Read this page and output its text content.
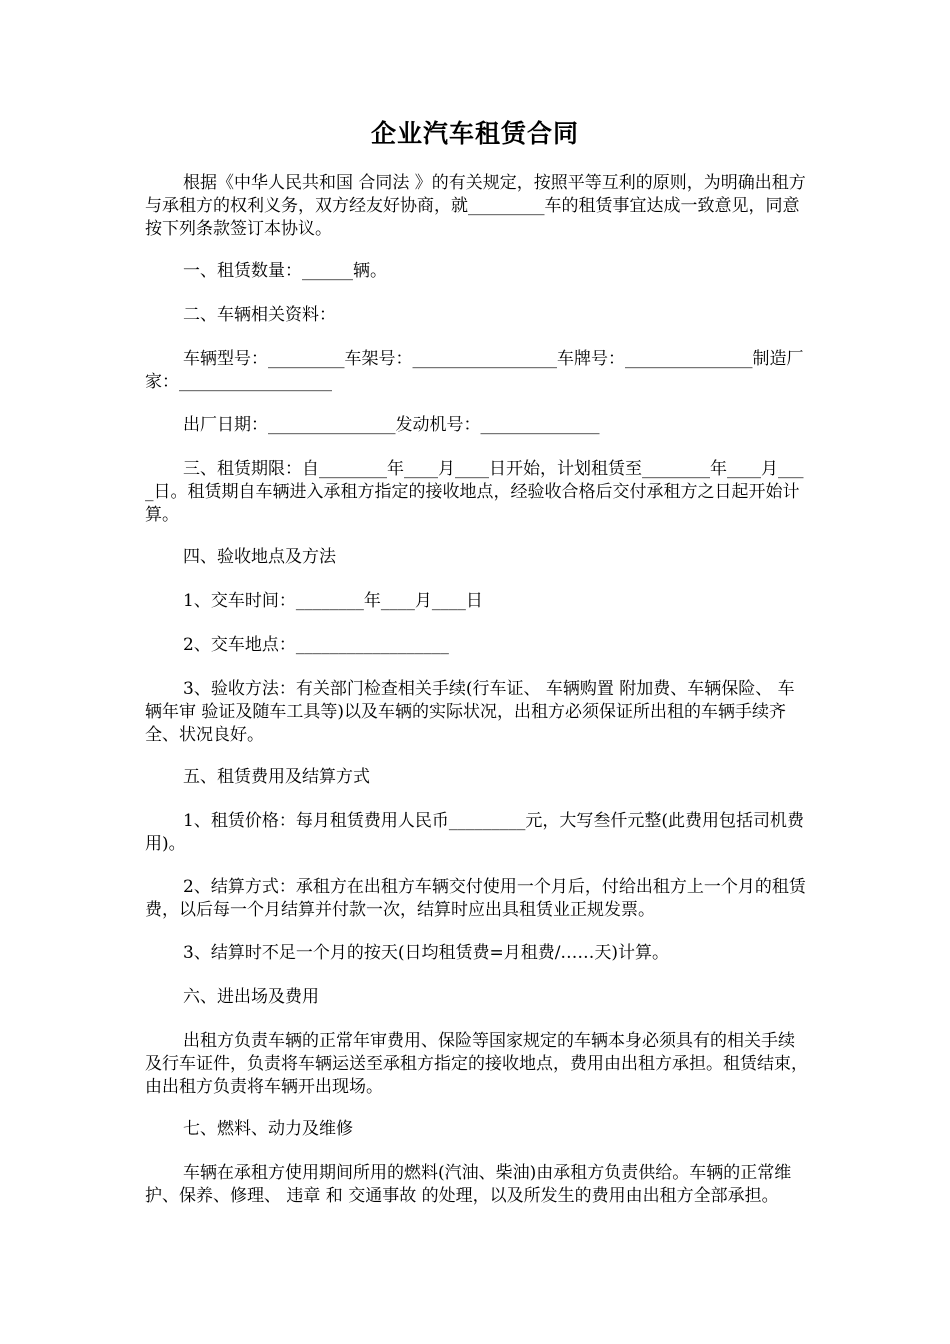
企业汽车租赁合同

根据《中华人民共和国 合同法 》的有关规定，按照平等互利的原则，为明确出租方与承租方的权利义务，双方经友好协商，就_________车的租赁事宜达成一致意见，同意按下列条款签订本协议。

一、租赁数量：______辆。

二、车辆相关资料：

车辆型号：_________车架号：_________________车牌号：_______________制造厂家：__________________

出厂日期：_______________发动机号：______________

三、租赁期限：自________年____月____日开始，计划租赁至________年____月____日。租赁期自车辆进入承租方指定的接收地点，经验收合格后交付承租方之日起开始计算。

四、验收地点及方法

1、交车时间：________年____月____日

2、交车地点：__________________

3、验收方法：有关部门检查相关手续(行车证、 车辆购置 附加费、车辆保险、 车辆年审 验证及随车工具等)以及车辆的实际状况，出租方必须保证所出租的车辆手续齐全、状况良好。

五、租赁费用及结算方式

1、租赁价格：每月租赁费用人民币_________元，大写叁仟元整(此费用包括司机费用)。

2、结算方式：承租方在出租方车辆交付使用一个月后，付给出租方上一个月的租赁费，以后每一个月结算并付款一次，结算时应出具租赁业正规发票。

3、结算时不足一个月的按天(日均租赁费=月租费/……天)计算。

六、进出场及费用

出租方负责车辆的正常年审费用、保险等国家规定的车辆本身必须具有的相关手续及行车证件，负责将车辆运送至承租方指定的接收地点，费用由出租方承担。租赁结束，由出租方负责将车辆开出现场。

七、燃料、动力及维修

车辆在承租方使用期间所用的燃料(汽油、柴油)由承租方负责供给。车辆的正常维护、保养、修理、 违章 和 交通事故 的处理，以及所发生的费用由出租方全部承担。
